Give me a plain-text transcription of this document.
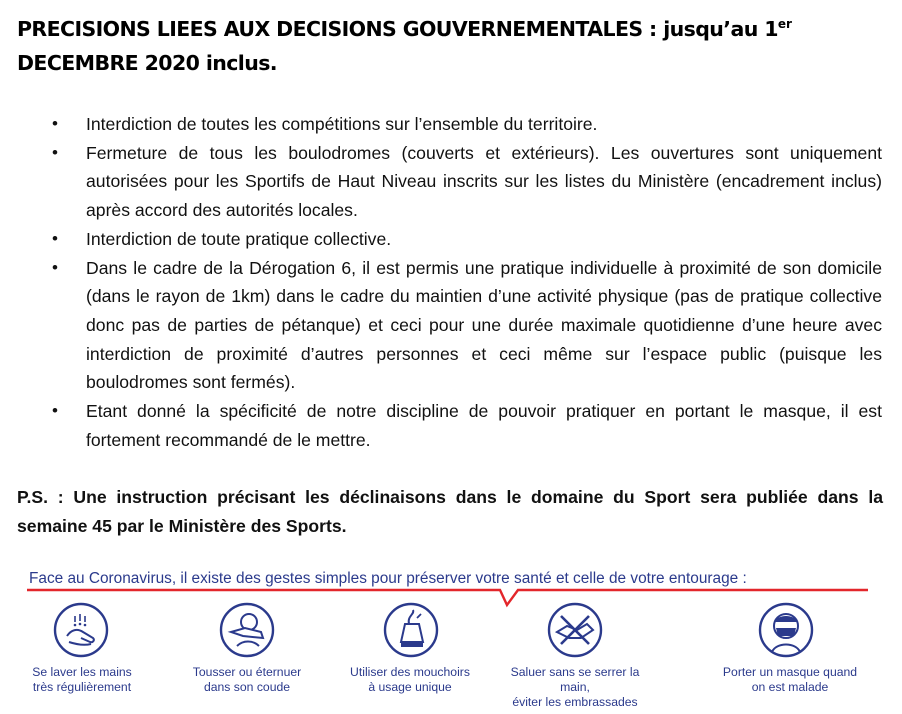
PRECISIONS LIEES AUX DECISIONS GOUVERNEMENTALES : jusqu’au 1er DECEMBRE 2020 inclus.
• Interdiction de toutes les compétitions sur l’ensemble du territoire.
• Fermeture de tous les boulodromes (couverts et extérieurs). Les ouvertures sont uniquement autorisées pour les Sportifs de Haut Niveau inscrits sur les listes du Ministère (encadrement inclus) après accord des autorités locales.
• Interdiction de toute pratique collective.
• Dans le cadre de la Dérogation 6, il est permis une pratique individuelle à proximité de son domicile (dans le rayon de 1km) dans le cadre du maintien d’une activité physique (pas de pratique collective donc pas de parties de pétanque) et ceci pour une durée maximale quotidienne d’une heure avec interdiction de proximité d’autres personnes et ceci même sur l’espace public (puisque les boulodromes sont fermés).
• Etant donné la spécificité de notre discipline de pouvoir pratiquer en portant le masque, il est fortement recommandé de le mettre.

P.S. : Une instruction précisant les déclinaisons dans le domaine du Sport sera publiée dans la semaine 45 par le Ministère des Sports.

Face au Coronavirus, il existe des gestes simples pour préserver votre santé et celle de votre entourage :
Se laver les mains
très régulièrement
Tousser ou éternuer
dans son coude
Utiliser des mouchoirs
à usage unique
Saluer sans se serrer la main,
éviter les embrassades
Porter un masque quand
on est malade
